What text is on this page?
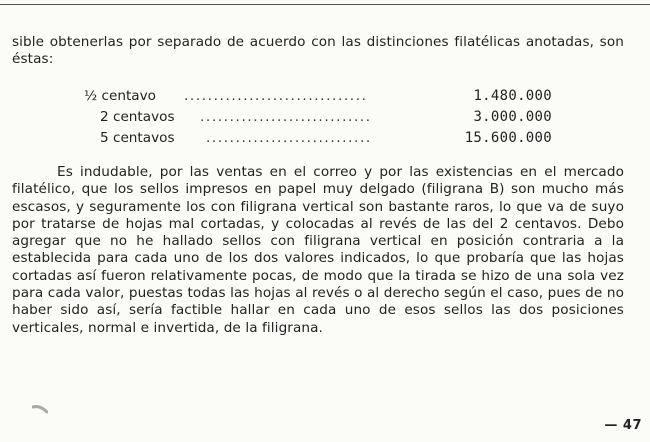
sible obtenerlas por separado de acuerdo con las distinciones filatélicas anotadas, son éstas:

½ centavo ...............................	1.480.000
2 centavos .............................	3.000.000
5 centavos ............................	15.600.000

Es indudable, por las ventas en el correo y por las existencias en el mercado filatélico, que los sellos impresos en papel muy delgado (filigrana B) son mucho más escasos, y seguramente los con filigrana vertical son bastante raros, lo que va de suyo por tratarse de hojas mal cortadas, y colocadas al revés de las del 2 centavos. Debo agregar que no he hallado sellos con filigrana vertical en posición contraria a la establecida para cada uno de los dos valores indicados, lo que probaría que las hojas cortadas así fueron relativamente pocas, de modo que la tirada se hizo de una sola vez para cada valor, puestas todas las hojas al revés o al derecho según el caso, pues de no haber sido así, sería factible hallar en cada uno de esos sellos las dos posiciones verticales, normal e invertida, de la filigrana.

— 47
